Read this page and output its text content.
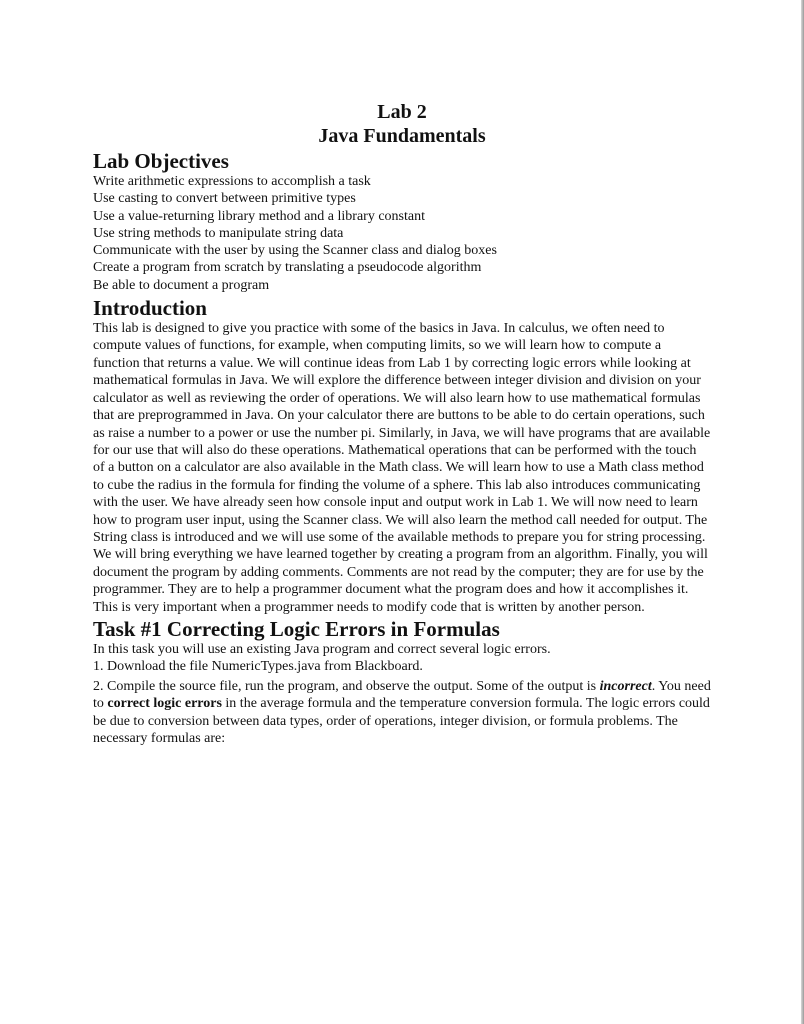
Lab 2
Java Fundamentals
Lab Objectives
Write arithmetic expressions to accomplish a task
Use casting to convert between primitive types
Use a value-returning library method and a library constant
Use string methods to manipulate string data
Communicate with the user by using the Scanner class and dialog boxes
Create a program from scratch by translating a pseudocode algorithm
Be able to document a program
Introduction

This lab is designed to give you practice with some of the basics in Java. In calculus, we often need to compute values of functions, for example, when computing limits, so we will learn how to compute a function that returns a value. We will continue ideas from Lab 1 by correcting logic errors while looking at mathematical formulas in Java. We will explore the difference between integer division and division on your calculator as well as reviewing the order of operations. We will also learn how to use mathematical formulas that are preprogrammed in Java. On your calculator there are buttons to be able to do certain operations, such as raise a number to a power or use the number pi. Similarly, in Java, we will have programs that are available for our use that will also do these operations. Mathematical operations that can be performed with the touch of a button on a calculator are also available in the Math class. We will learn how to use a Math class method to cube the radius in the formula for finding the volume of a sphere. This lab also introduces communicating with the user. We have already seen how console input and output work in Lab 1. We will now need to learn how to program user input, using the Scanner class. We will also learn the method call needed for output. The String class is introduced and we will use some of the available methods to prepare you for string processing. We will bring everything we have learned together by creating a program from an algorithm. Finally, you will document the program by adding comments. Comments are not read by the computer; they are for use by the programmer. They are to help a programmer document what the program does and how it accomplishes it. This is very important when a programmer needs to modify code that is written by another person.

Task #1 Correcting Logic Errors in Formulas

In this task you will use an existing Java program and correct several logic errors.

1. Download the file NumericTypes.java from Blackboard.

2. Compile the source file, run the program, and observe the output. Some of the output is incorrect. You need to correct logic errors in the average formula and the temperature conversion formula. The logic errors could be due to conversion between data types, order of operations, integer division, or formula problems. The necessary formulas are:
